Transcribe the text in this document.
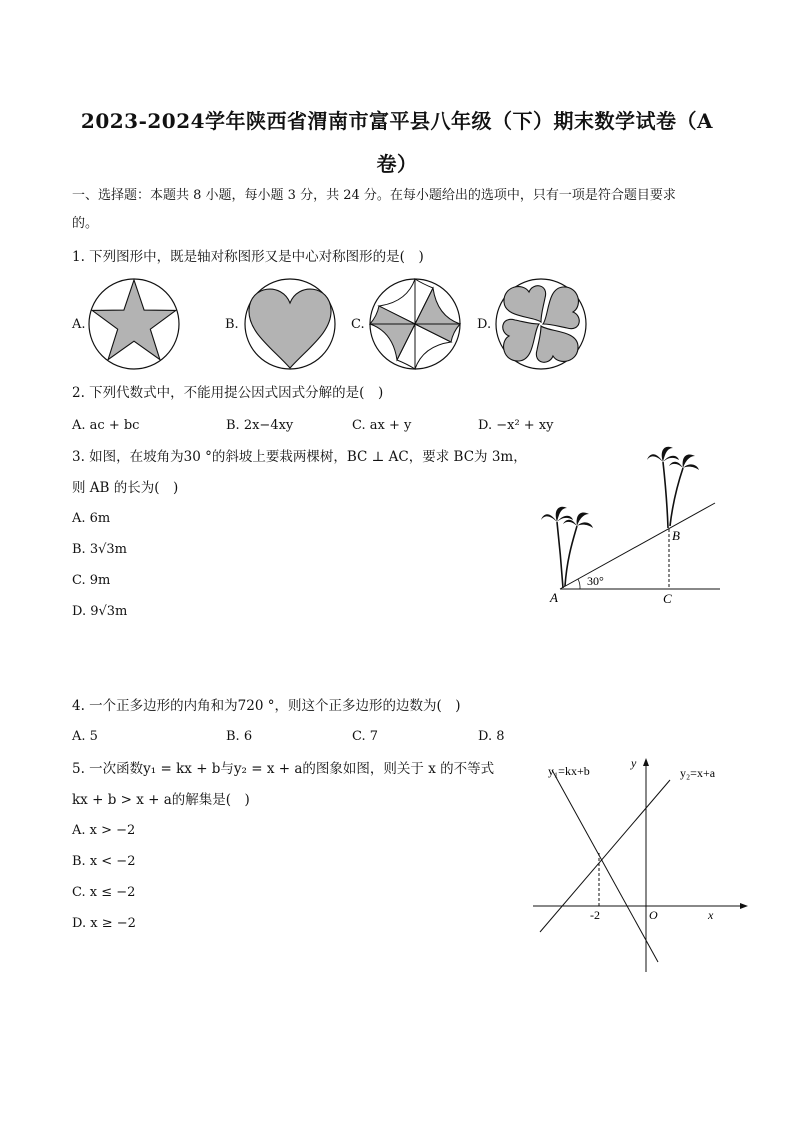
2023-2024学年陕西省渭南市富平县八年级（下）期末数学试卷（A
卷）
一、选择题：本题共 8 小题，每小题 3 分，共 24 分。在每小题给出的选项中，只有一项是符合题目要求
的。
1. 下列图形中，既是轴对称图形又是中心对称图形的是(　)
A.	B.	C.	D.
2. 下列代数式中，不能用提公因式因式分解的是(　)
A. ac + bc	B. 2x−4xy	C. ax + y	D. −x² + xy
3. 如图，在坡角为30 °的斜坡上要栽两棵树，BC ⊥ AC，要求 BC为 3m，
则 AB 的长为(　)
A. 6m
B. 3√3m
C. 9m
D. 9√3m
A
B
C
30°
4. 一个正多边形的内角和为720 °，则这个正多边形的边数为(　)
A. 5	B. 6	C. 7	D. 8
5. 一次函数y₁ = kx + b与y₂ = x + a的图象如图，则关于 x 的不等式
kx + b > x + a的解集是(　)
A. x > −2
B. x < −2
C. x ≤ −2
D. x ≥ −2
y₁=kx+b	y₂=x+a
y
x
O
-2
